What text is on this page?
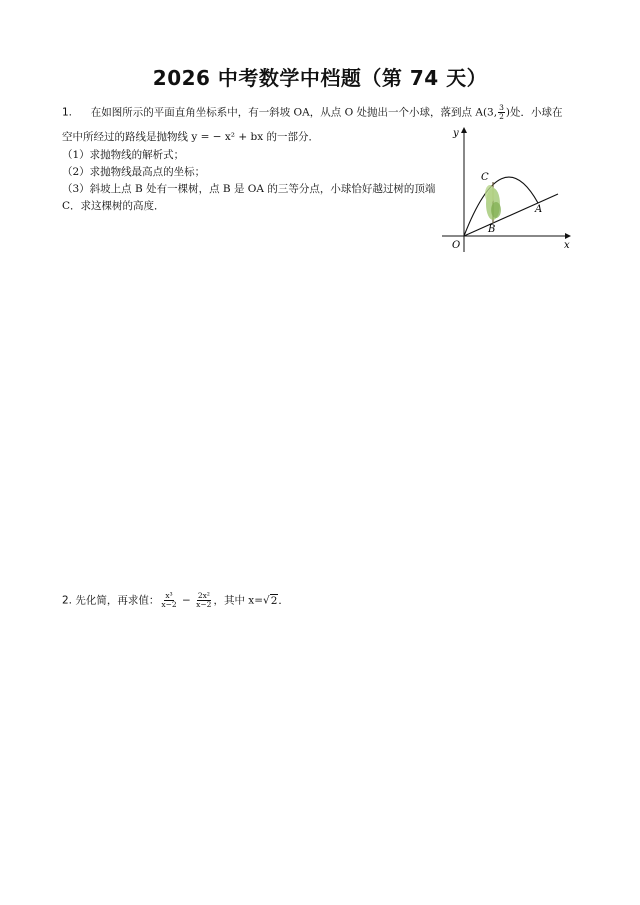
2026 中考数学中档题（第 74 天）
1. 在如图所示的平面直角坐标系中，有一斜坡 OA，从点 O 处抛出一个小球，落到点 A(3, $\frac{3}{2}$ )处．小球在
空中所经过的路线是抛物线 y = − x² + bx 的一部分．
（1）求抛物线的解析式；
（2）求抛物线最高点的坐标；
（3）斜坡上点 B 处有一棵树，点 B 是 OA 的三等分点，小球恰好越过树的顶端
C．求这棵树的高度．
y
x
O
A
B
C
2. 先化简，再求值： $\frac{\text{x³}}{x-2} - \frac{\text{2x²}}{x-2}$ ，其中 x=√2．
